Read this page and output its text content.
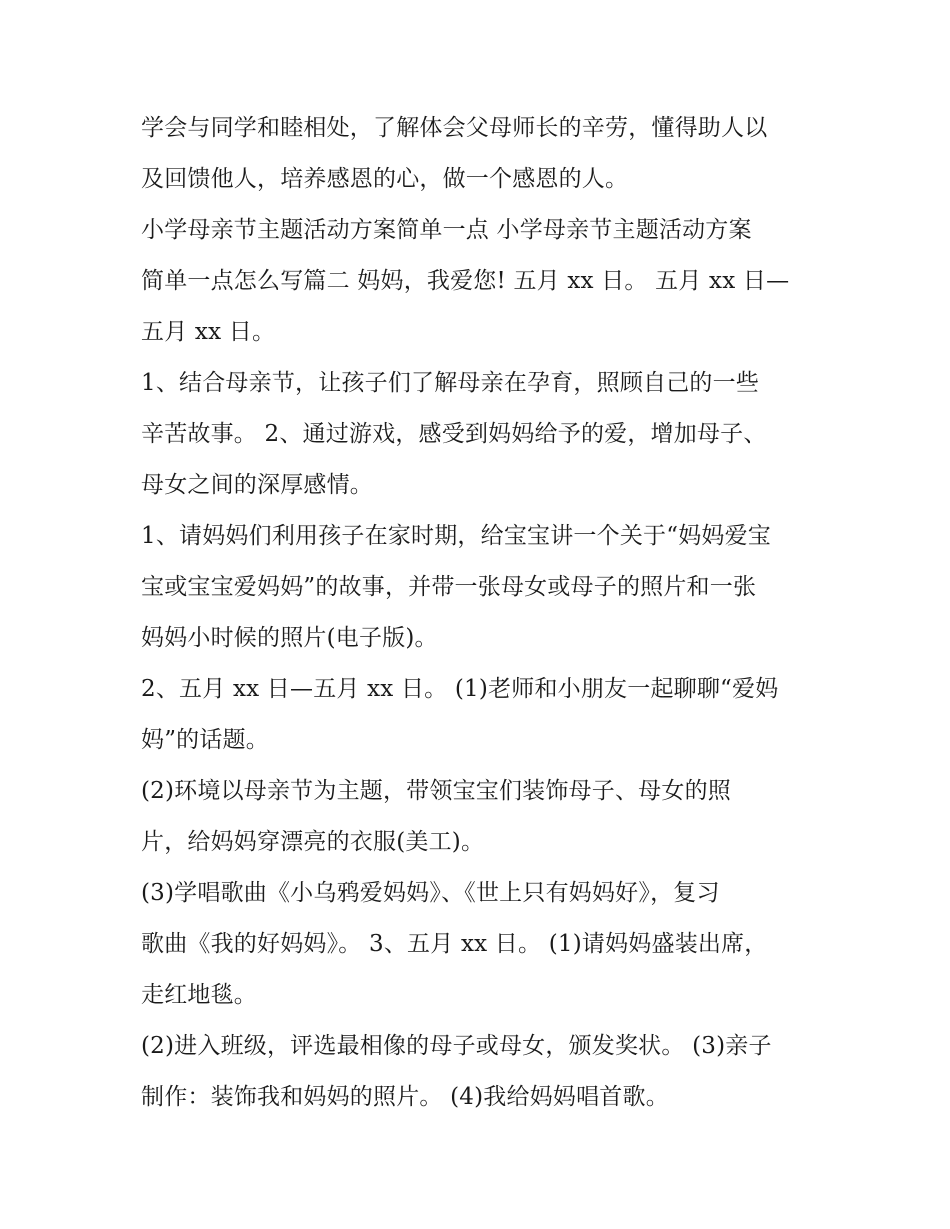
学会与同学和睦相处，了解体会父母师长的辛劳，懂得助人以
及回馈他人，培养感恩的心，做一个感恩的人。
小学母亲节主题活动方案简单一点 小学母亲节主题活动方案
简单一点怎么写篇二 妈妈，我爱您! 五月 xx 日。 五月 xx 日—
五月 xx 日。
1、结合母亲节，让孩子们了解母亲在孕育，照顾自己的一些
辛苦故事。 2、通过游戏，感受到妈妈给予的爱，增加母子、
母女之间的深厚感情。
1、请妈妈们利用孩子在家时期，给宝宝讲一个关于“妈妈爱宝
宝或宝宝爱妈妈”的故事，并带一张母女或母子的照片和一张
妈妈小时候的照片(电子版)。
2、五月 xx 日—五月 xx 日。 (1)老师和小朋友一起聊聊“爱妈
妈”的话题。
(2)环境以母亲节为主题，带领宝宝们装饰母子、母女的照
片，给妈妈穿漂亮的衣服(美工)。
(3)学唱歌曲《小乌鸦爱妈妈》、《世上只有妈妈好》，复习
歌曲《我的好妈妈》。 3、五月 xx 日。 (1)请妈妈盛装出席，
走红地毯。
(2)进入班级，评选最相像的母子或母女，颁发奖状。 (3)亲子
制作：装饰我和妈妈的照片。 (4)我给妈妈唱首歌。
